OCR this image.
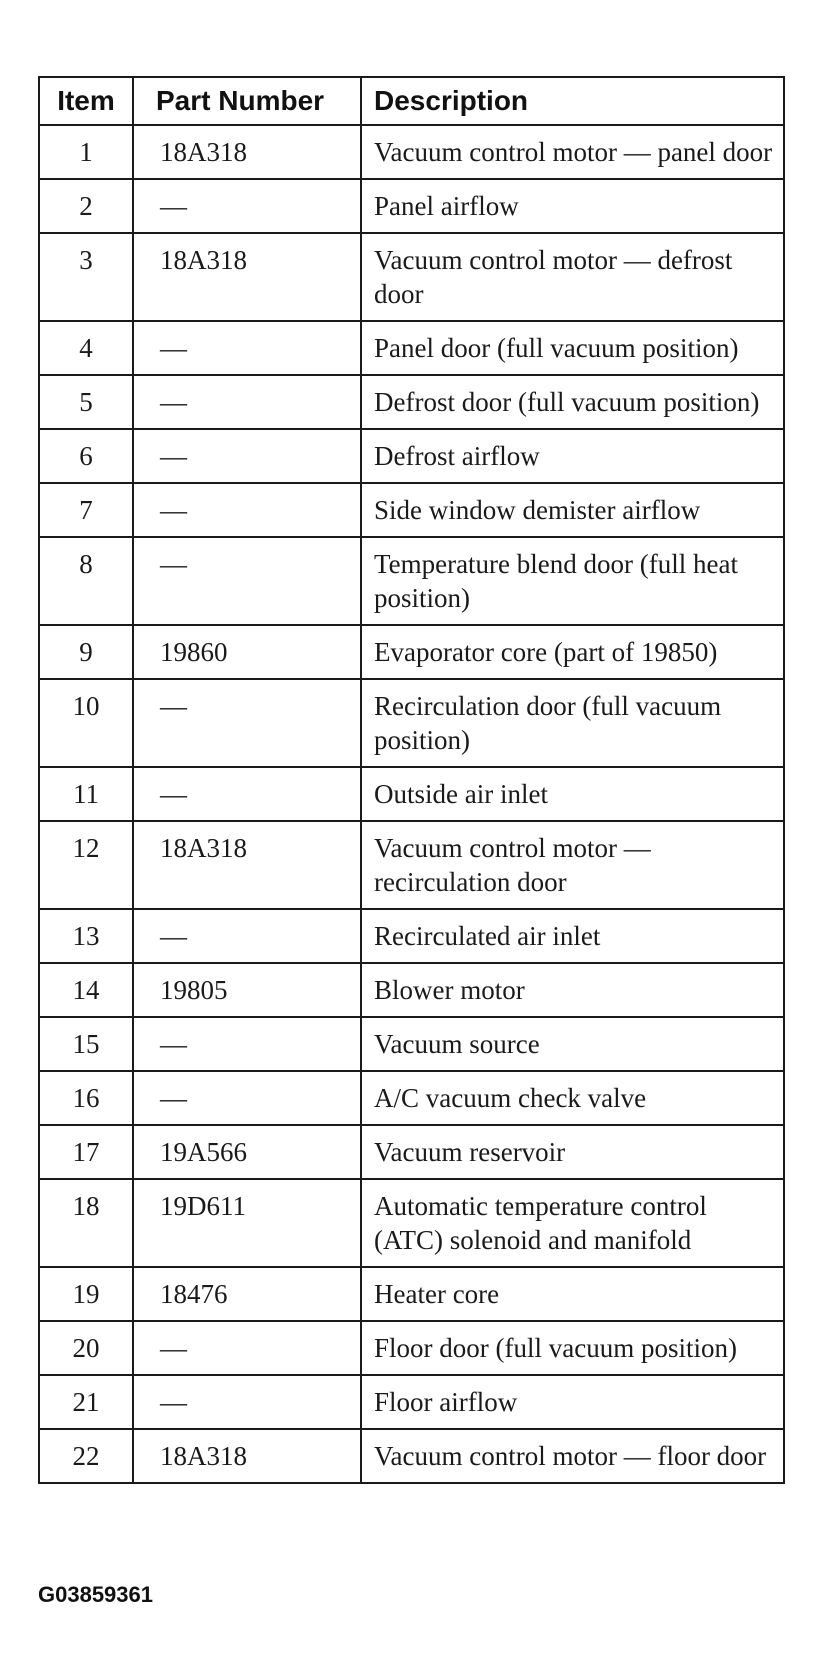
Item	Part Number	Description
1	18A318	Vacuum control motor — panel door
2	—	Panel airflow
3	18A318	Vacuum control motor — defrost door
4	—	Panel door (full vacuum position)
5	—	Defrost door (full vacuum position)
6	—	Defrost airflow
7	—	Side window demister airflow
8	—	Temperature blend door (full heat position)
9	19860	Evaporator core (part of 19850)
10	—	Recirculation door (full vacuum position)
11	—	Outside air inlet
12	18A318	Vacuum control motor — recirculation door
13	—	Recirculated air inlet
14	19805	Blower motor
15	—	Vacuum source
16	—	A/C vacuum check valve
17	19A566	Vacuum reservoir
18	19D611	Automatic temperature control (ATC) solenoid and manifold
19	18476	Heater core
20	—	Floor door (full vacuum position)
21	—	Floor airflow
22	18A318	Vacuum control motor — floor door
G03859361
